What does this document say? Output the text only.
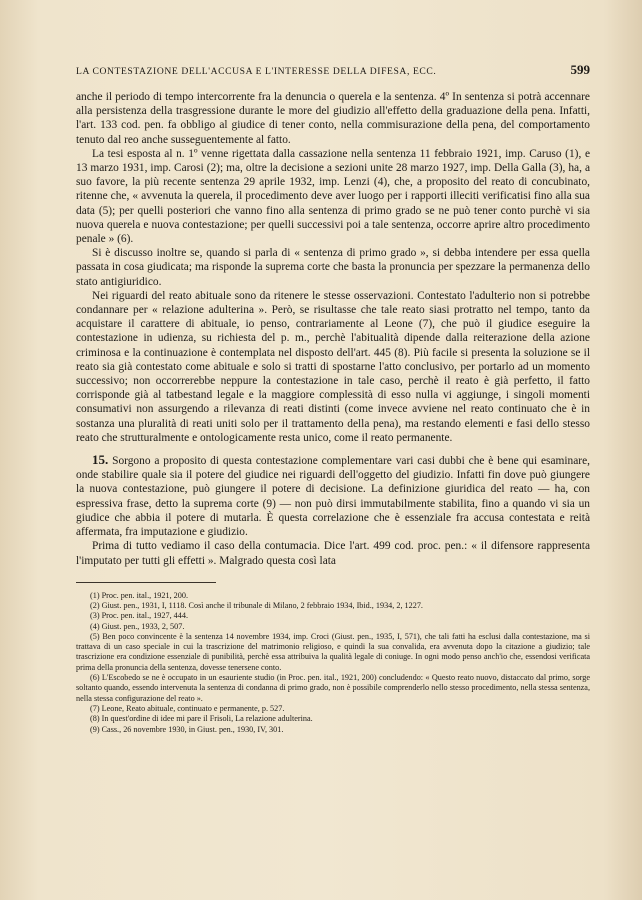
LA CONTESTAZIONE DELL'ACCUSA E L'INTERESSE DELLA DIFESA, ECC.	599

anche il periodo di tempo intercorrente fra la denuncia o querela e la sentenza. 4º In sentenza si potrà accennare alla persistenza della trasgressione durante le more del giudizio all'effetto della graduazione della pena. Infatti, l'art. 133 cod. pen. fa obbligo al giudice di tener conto, nella commisurazione della pena, del comportamento tenuto dal reo anche susseguentemente al fatto.

La tesi esposta al n. 1º venne rigettata dalla cassazione nella sentenza 11 febbraio 1921, imp. Caruso (1), e 13 marzo 1931, imp. Carosi (2); ma, oltre la decisione a sezioni unite 28 marzo 1927, imp. Della Galla (3), ha, a suo favore, la più recente sentenza 29 aprile 1932, imp. Lenzi (4), che, a proposito del reato di concubinato, ritenne che, « avvenuta la querela, il procedimento deve aver luogo per i rapporti illeciti verificatisi fino alla sua data (5); per quelli posteriori che vanno fino alla sentenza di primo grado se ne può tener conto purchè vi sia nuova querela e nuova contestazione; per quelli successivi poi a tale sentenza, occorre aprire altro procedimento penale » (6).

Si è discusso inoltre se, quando si parla di « sentenza di primo grado », si debba intendere per essa quella passata in cosa giudicata; ma risponde la suprema corte che basta la pronuncia per spezzare la permanenza dello stato antigiuridico.

Nei riguardi del reato abituale sono da ritenere le stesse osservazioni. Contestato l'adulterio non si potrebbe condannare per « relazione adulterina ». Però, se risultasse che tale reato siasi protratto nel tempo, tanto da acquistare il carattere di abituale, io penso, contrariamente al Leone (7), che può il giudice eseguire la contestazione in udienza, su richiesta del p. m., perchè l'abitualità dipende dalla reiterazione della azione criminosa e la continuazione è contemplata nel disposto dell'art. 445 (8). Più facile si presenta la soluzione se il reato sia già contestato come abituale e solo si tratti di spostarne l'atto conclusivo, per portarlo ad un momento successivo; non occorrerebbe neppure la contestazione in tale caso, perchè il reato è già perfetto, il fatto corrisponde già al tatbestand legale e la maggiore complessità di esso nulla vi aggiunge, i singoli momenti consumativi non assurgendo a rilevanza di reati distinti (come invece avviene nel reato continuato che è in sostanza una pluralità di reati uniti solo per il trattamento della pena), ma restando elementi e fasi dello stesso reato che strutturalmente e ontologicamente resta unico, come il reato permanente.

15. Sorgono a proposito di questa contestazione complementare vari casi dubbi che è bene qui esaminare, onde stabilire quale sia il potere del giudice nei riguardi dell'oggetto del giudizio. Infatti fin dove può giungere la nuova contestazione, può giungere il potere di decisione. La definizione giuridica del reato — ha, con espressiva frase, detto la suprema corte (9) — non può dirsi immutabilmente stabilita, fino a quando vi sia un giudice che abbia il potere di mutarla. È questa correlazione che è essenziale fra accusa contestata e reità affermata, fra imputazione e giudizio.

Prima di tutto vediamo il caso della contumacia. Dice l'art. 499 cod. proc. pen.: « il difensore rappresenta l'imputato per tutti gli effetti ». Malgrado questa così lata

(1) Proc. pen. ital., 1921, 200.

(2) Giust. pen., 1931, I, 1118. Così anche il tribunale di Milano, 2 febbraio 1934, Ibid., 1934, 2, 1227.

(3) Proc. pen. ital., 1927, 444.

(4) Giust. pen., 1933, 2, 507.

(5) Ben poco convincente è la sentenza 14 novembre 1934, imp. Croci (Giust. pen., 1935, I, 571), che tali fatti ha esclusi dalla contestazione, ma si trattava di un caso speciale in cui la trascrizione del matrimonio religioso, e quindi la sua convalida, era avvenuta dopo la citazione a giudizio; tale trascrizione era condizione essenziale di punibilità, perchè essa attribuiva la qualità legale di coniuge. In ogni modo penso anch'io che, essendosi verificata prima della pronuncia della sentenza, dovesse tenersene conto.

(6) L'Escobedo se ne è occupato in un esauriente studio (in Proc. pen. ital., 1921, 200) concludendo: « Questo reato nuovo, distaccato dal primo, sorge soltanto quando, essendo intervenuta la sentenza di condanna di primo grado, non è possibile comprenderlo nello stesso procedimento, nella stessa sentenza, nella stessa configurazione del reato ».

(7) Leone, Reato abituale, continuato e permanente, p. 527.

(8) In quest'ordine di idee mi pare il Frisoli, La relazione adulterina.

(9) Cass., 26 novembre 1930, in Giust. pen., 1930, IV, 301.
